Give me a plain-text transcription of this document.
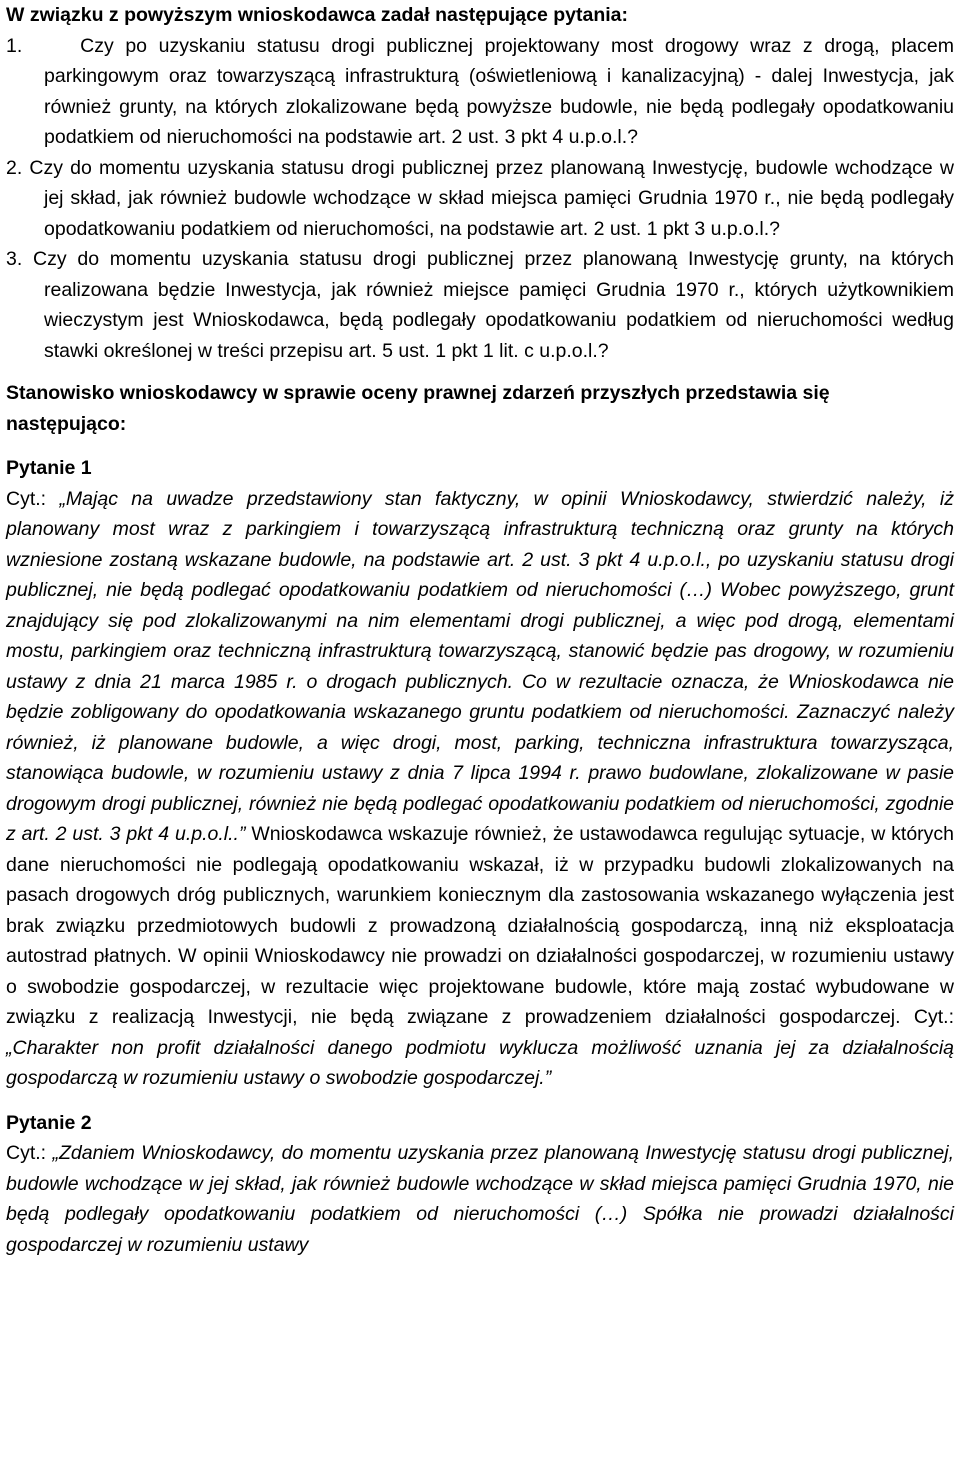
W związku z powyższym wnioskodawca zadał następujące pytania:

1.	Czy po uzyskaniu statusu drogi publicznej projektowany most drogowy wraz z drogą, placem parkingowym oraz towarzyszącą infrastrukturą (oświetleniową i kanalizacyjną) - dalej Inwestycja, jak również grunty, na których zlokalizowane będą powyższe budowle, nie będą podlegały opodatkowaniu podatkiem od nieruchomości na podstawie art. 2 ust. 3 pkt 4 u.p.o.l.?

2. Czy do momentu uzyskania statusu drogi publicznej przez planowaną Inwestycję, budowle wchodzące w jej skład, jak również budowle wchodzące w skład miejsca pamięci Grudnia 1970 r., nie będą podlegały opodatkowaniu podatkiem od nieruchomości, na podstawie art. 2 ust. 1 pkt 3 u.p.o.l.?

3. Czy do momentu uzyskania statusu drogi publicznej przez planowaną Inwestycję grunty, na których realizowana będzie Inwestycja, jak również miejsce pamięci Grudnia 1970 r., których użytkownikiem wieczystym jest Wnioskodawca, będą podlegały opodatkowaniu podatkiem od nieruchomości według stawki określonej w treści przepisu art. 5 ust. 1 pkt 1 lit. c u.p.o.l.?

Stanowisko wnioskodawcy w sprawie oceny prawnej zdarzeń przyszłych przedstawia się następująco:

Pytanie 1

Cyt.: „Mając na uwadze przedstawiony stan faktyczny, w opinii Wnioskodawcy, stwierdzić należy, iż planowany most wraz z parkingiem i towarzyszącą infrastrukturą techniczną oraz grunty na których wzniesione zostaną wskazane budowle, na podstawie art. 2 ust. 3 pkt 4 u.p.o.l., po uzyskaniu statusu drogi publicznej, nie będą podlegać opodatkowaniu podatkiem od nieruchomości (…) Wobec powyższego, grunt znajdujący się pod zlokalizowanymi na nim elementami drogi publicznej, a więc pod drogą, elementami mostu, parkingiem oraz techniczną infrastrukturą towarzyszącą, stanowić będzie pas drogowy, w rozumieniu ustawy z dnia 21 marca 1985 r. o drogach publicznych. Co w rezultacie oznacza, że Wnioskodawca nie będzie zobligowany do opodatkowania wskazanego gruntu podatkiem od nieruchomości. Zaznaczyć należy również, iż planowane budowle, a więc drogi, most, parking, techniczna infrastruktura towarzysząca, stanowiąca budowle, w rozumieniu ustawy z dnia 7 lipca 1994 r. prawo budowlane, zlokalizowane w pasie drogowym drogi publicznej, również nie będą podlegać opodatkowaniu podatkiem od nieruchomości, zgodnie z art. 2 ust. 3 pkt 4 u.p.o.l..” Wnioskodawca wskazuje również, że ustawodawca regulując sytuacje, w których dane nieruchomości nie podlegają opodatkowaniu wskazał, iż w przypadku budowli zlokalizowanych na pasach drogowych dróg publicznych, warunkiem koniecznym dla zastosowania wskazanego wyłączenia jest brak związku przedmiotowych budowli z prowadzoną działalnością gospodarczą, inną niż eksploatacja autostrad płatnych. W opinii Wnioskodawcy nie prowadzi on działalności gospodarczej, w rozumieniu ustawy o swobodzie gospodarczej, w rezultacie więc projektowane budowle, które mają zostać wybudowane w związku z realizacją Inwestycji, nie będą związane z prowadzeniem działalności gospodarczej. Cyt.: „Charakter non profit działalności danego podmiotu wyklucza możliwość uznania jej za działalnością gospodarczą w rozumieniu ustawy o swobodzie gospodarczej.”

Pytanie 2

Cyt.: „Zdaniem Wnioskodawcy, do momentu uzyskania przez planowaną Inwestycję statusu drogi publicznej, budowle wchodzące w jej skład, jak również budowle wchodzące w skład miejsca pamięci Grudnia 1970, nie będą podlegały opodatkowaniu podatkiem od nieruchomości (…) Spółka nie prowadzi działalności gospodarczej w rozumieniu ustawy
